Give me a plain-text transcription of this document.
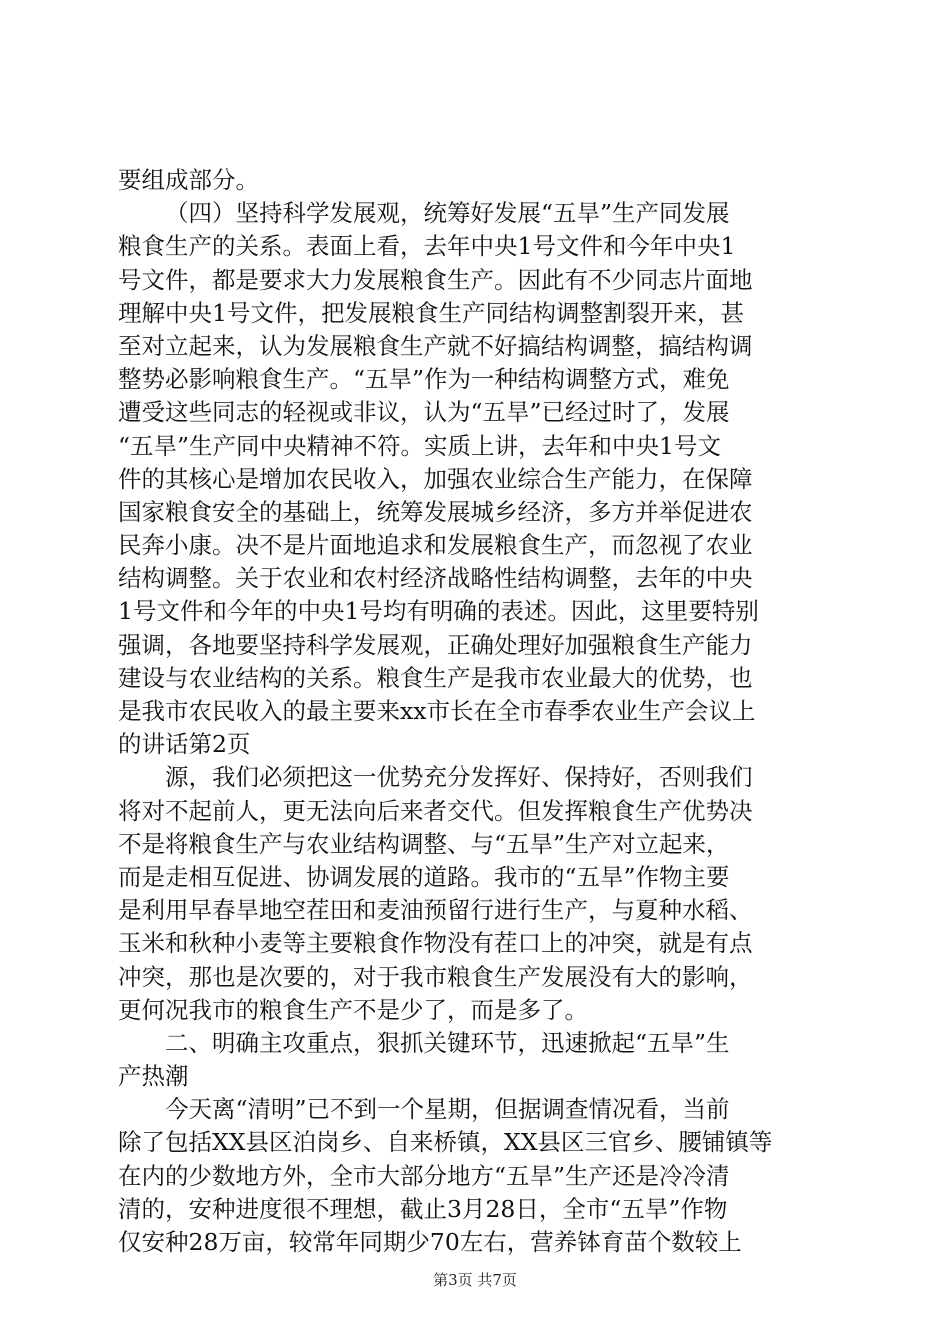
要组成部分。
（四）坚持科学发展观，统筹好发展“五旱”生产同发展
粮食生产的关系。表面上看，去年中央1号文件和今年中央1
号文件，都是要求大力发展粮食生产。因此有不少同志片面地
理解中央1号文件，把发展粮食生产同结构调整割裂开来，甚
至对立起来，认为发展粮食生产就不好搞结构调整，搞结构调
整势必影响粮食生产。“五旱”作为一种结构调整方式，难免
遭受这些同志的轻视或非议，认为“五旱”已经过时了，发展
“五旱”生产同中央精神不符。实质上讲，去年和中央1号文
件的其核心是增加农民收入，加强农业综合生产能力，在保障
国家粮食安全的基础上，统筹发展城乡经济，多方并举促进农
民奔小康。决不是片面地追求和发展粮食生产，而忽视了农业
结构调整。关于农业和农村经济战略性结构调整，去年的中央
1号文件和今年的中央1号均有明确的表述。因此，这里要特别
强调，各地要坚持科学发展观，正确处理好加强粮食生产能力
建设与农业结构的关系。粮食生产是我市农业最大的优势，也
是我市农民收入的最主要来xx市长在全市春季农业生产会议上
的讲话第2页
源，我们必须把这一优势充分发挥好、保持好，否则我们
将对不起前人，更无法向后来者交代。但发挥粮食生产优势决
不是将粮食生产与农业结构调整、与“五旱”生产对立起来，
而是走相互促进、协调发展的道路。我市的“五旱”作物主要
是利用早春旱地空茬田和麦油预留行进行生产，与夏种水稻、
玉米和秋种小麦等主要粮食作物没有茬口上的冲突，就是有点
冲突，那也是次要的，对于我市粮食生产发展没有大的影响，
更何况我市的粮食生产不是少了，而是多了。
二、明确主攻重点，狠抓关键环节，迅速掀起“五旱”生
产热潮
今天离“清明”已不到一个星期，但据调查情况看，当前
除了包括XX县区泊岗乡、自来桥镇，XX县区三官乡、腰铺镇等
在内的少数地方外，全市大部分地方“五旱”生产还是冷冷清
清的，安种进度很不理想，截止3月28日，全市“五旱”作物
仅安种28万亩，较常年同期少70左右，营养钵育苗个数较上
第3页 共7页
